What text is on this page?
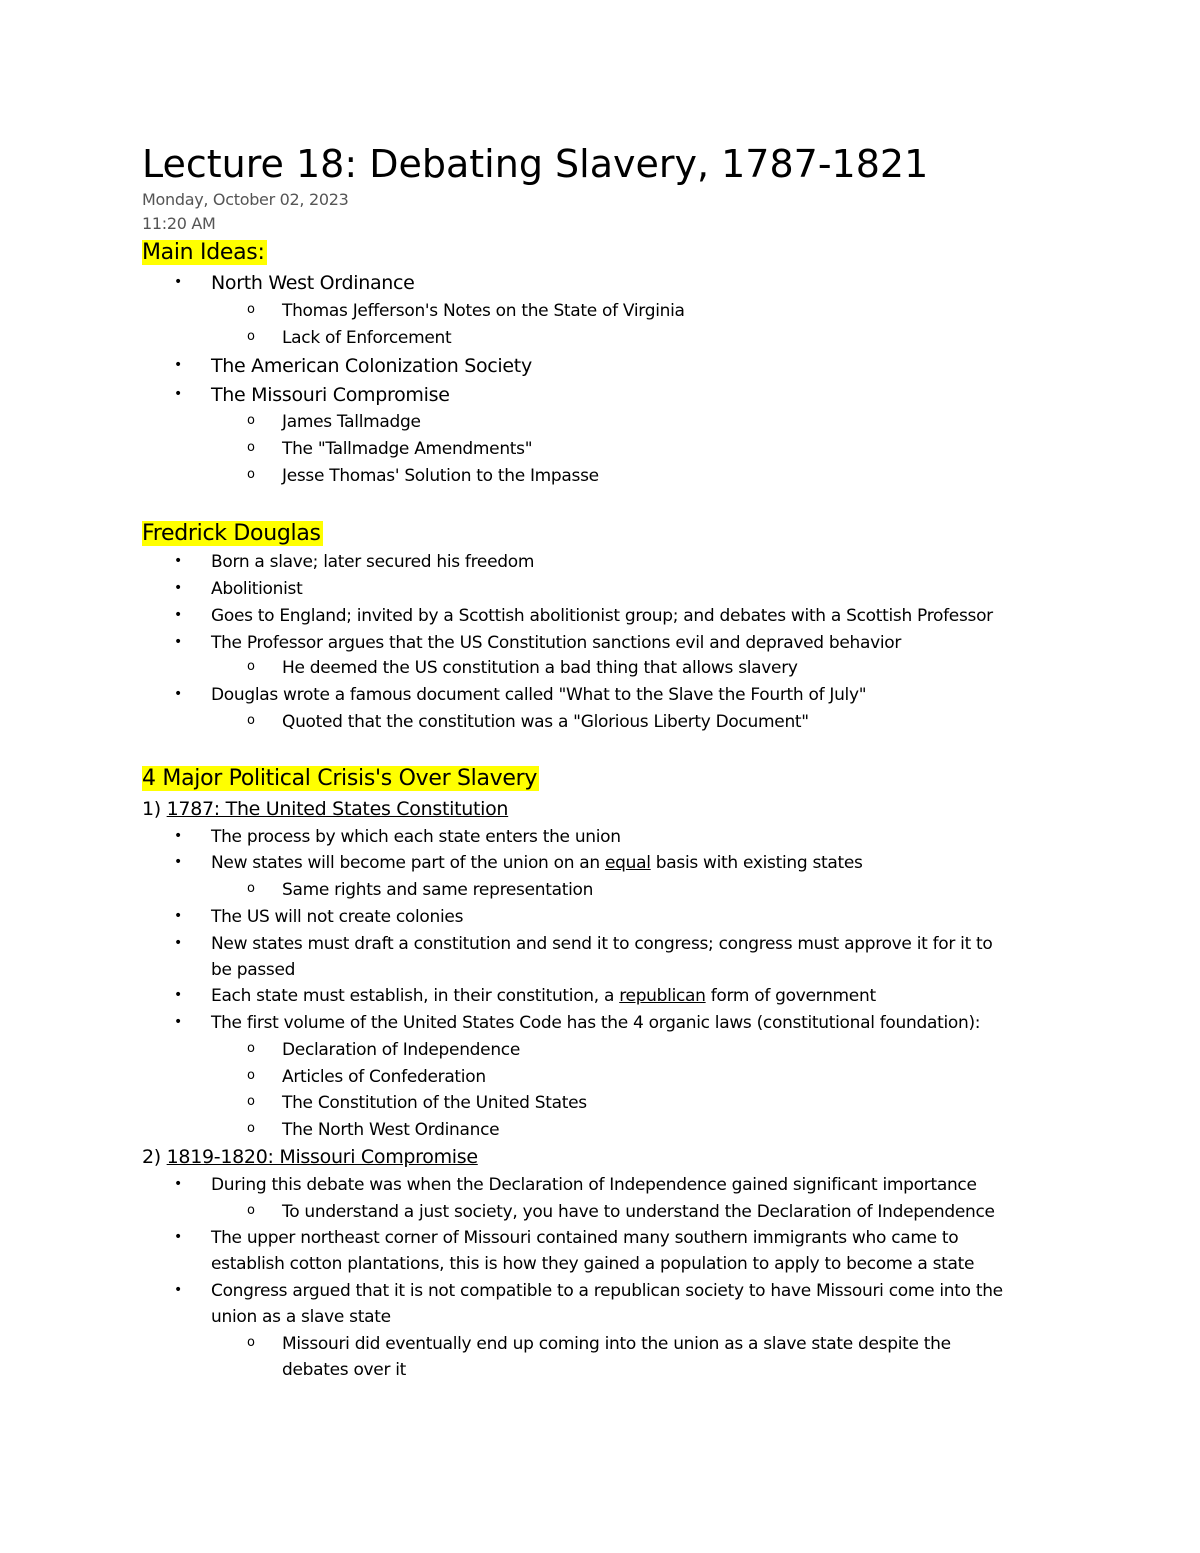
Lecture 18: Debating Slavery, 1787-1821
Monday, October 02, 2023
11:20 AM
Main Ideas:
• North West Ordinance
o Thomas Jefferson's Notes on the State of Virginia
o Lack of Enforcement
• The American Colonization Society
• The Missouri Compromise
o James Tallmadge
o The "Tallmadge Amendments"
o Jesse Thomas' Solution to the Impasse
Fredrick Douglas
• Born a slave; later secured his freedom
• Abolitionist
• Goes to England; invited by a Scottish abolitionist group; and debates with a Scottish Professor
• The Professor argues that the US Constitution sanctions evil and depraved behavior
o He deemed the US constitution a bad thing that allows slavery
• Douglas wrote a famous document called "What to the Slave the Fourth of July"
o Quoted that the constitution was a "Glorious Liberty Document"
4 Major Political Crisis's Over Slavery
1) 1787: The United States Constitution
• The process by which each state enters the union
• New states will become part of the union on an equal basis with existing states
o Same rights and same representation
• The US will not create colonies
• New states must draft a constitution and send it to congress; congress must approve it for it to
be passed
• Each state must establish, in their constitution, a republican form of government
• The first volume of the United States Code has the 4 organic laws (constitutional foundation):
o Declaration of Independence
o Articles of Confederation
o The Constitution of the United States
o The North West Ordinance
2) 1819-1820: Missouri Compromise
• During this debate was when the Declaration of Independence gained significant importance
o To understand a just society, you have to understand the Declaration of Independence
• The upper northeast corner of Missouri contained many southern immigrants who came to
establish cotton plantations, this is how they gained a population to apply to become a state
• Congress argued that it is not compatible to a republican society to have Missouri come into the
union as a slave state
o Missouri did eventually end up coming into the union as a slave state despite the
debates over it
